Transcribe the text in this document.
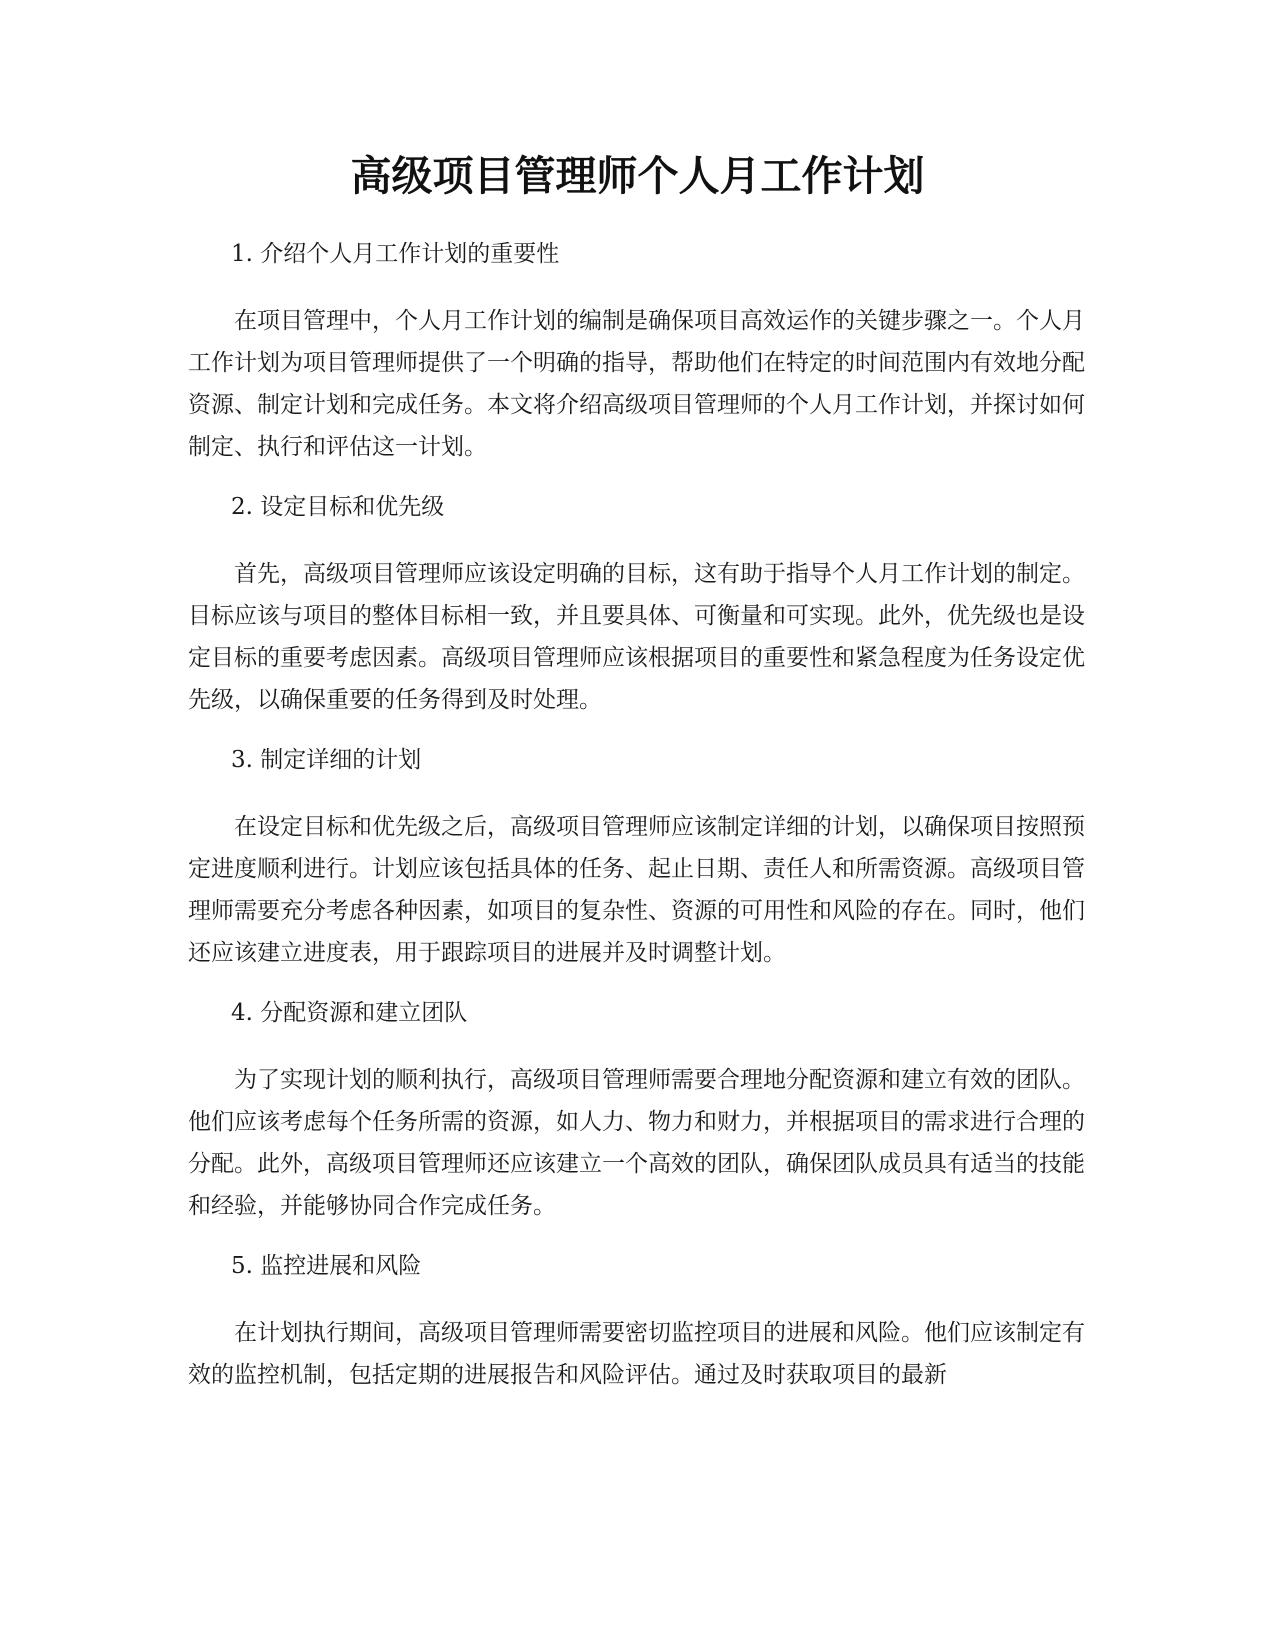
高级项目管理师个人月工作计划

1. 介绍个人月工作计划的重要性

在项目管理中，个人月工作计划的编制是确保项目高效运作的关键步骤之一。个人月工作计划为项目管理师提供了一个明确的指导，帮助他们在特定的时间范围内有效地分配资源、制定计划和完成任务。本文将介绍高级项目管理师的个人月工作计划，并探讨如何制定、执行和评估这一计划。

2. 设定目标和优先级

首先，高级项目管理师应该设定明确的目标，这有助于指导个人月工作计划的制定。目标应该与项目的整体目标相一致，并且要具体、可衡量和可实现。此外，优先级也是设定目标的重要考虑因素。高级项目管理师应该根据项目的重要性和紧急程度为任务设定优先级，以确保重要的任务得到及时处理。

3. 制定详细的计划

在设定目标和优先级之后，高级项目管理师应该制定详细的计划，以确保项目按照预定进度顺利进行。计划应该包括具体的任务、起止日期、责任人和所需资源。高级项目管理师需要充分考虑各种因素，如项目的复杂性、资源的可用性和风险的存在。同时，他们还应该建立进度表，用于跟踪项目的进展并及时调整计划。

4. 分配资源和建立团队

为了实现计划的顺利执行，高级项目管理师需要合理地分配资源和建立有效的团队。他们应该考虑每个任务所需的资源，如人力、物力和财力，并根据项目的需求进行合理的分配。此外，高级项目管理师还应该建立一个高效的团队，确保团队成员具有适当的技能和经验，并能够协同合作完成任务。

5. 监控进展和风险

在计划执行期间，高级项目管理师需要密切监控项目的进展和风险。他们应该制定有效的监控机制，包括定期的进展报告和风险评估。通过及时获取项目的最新
